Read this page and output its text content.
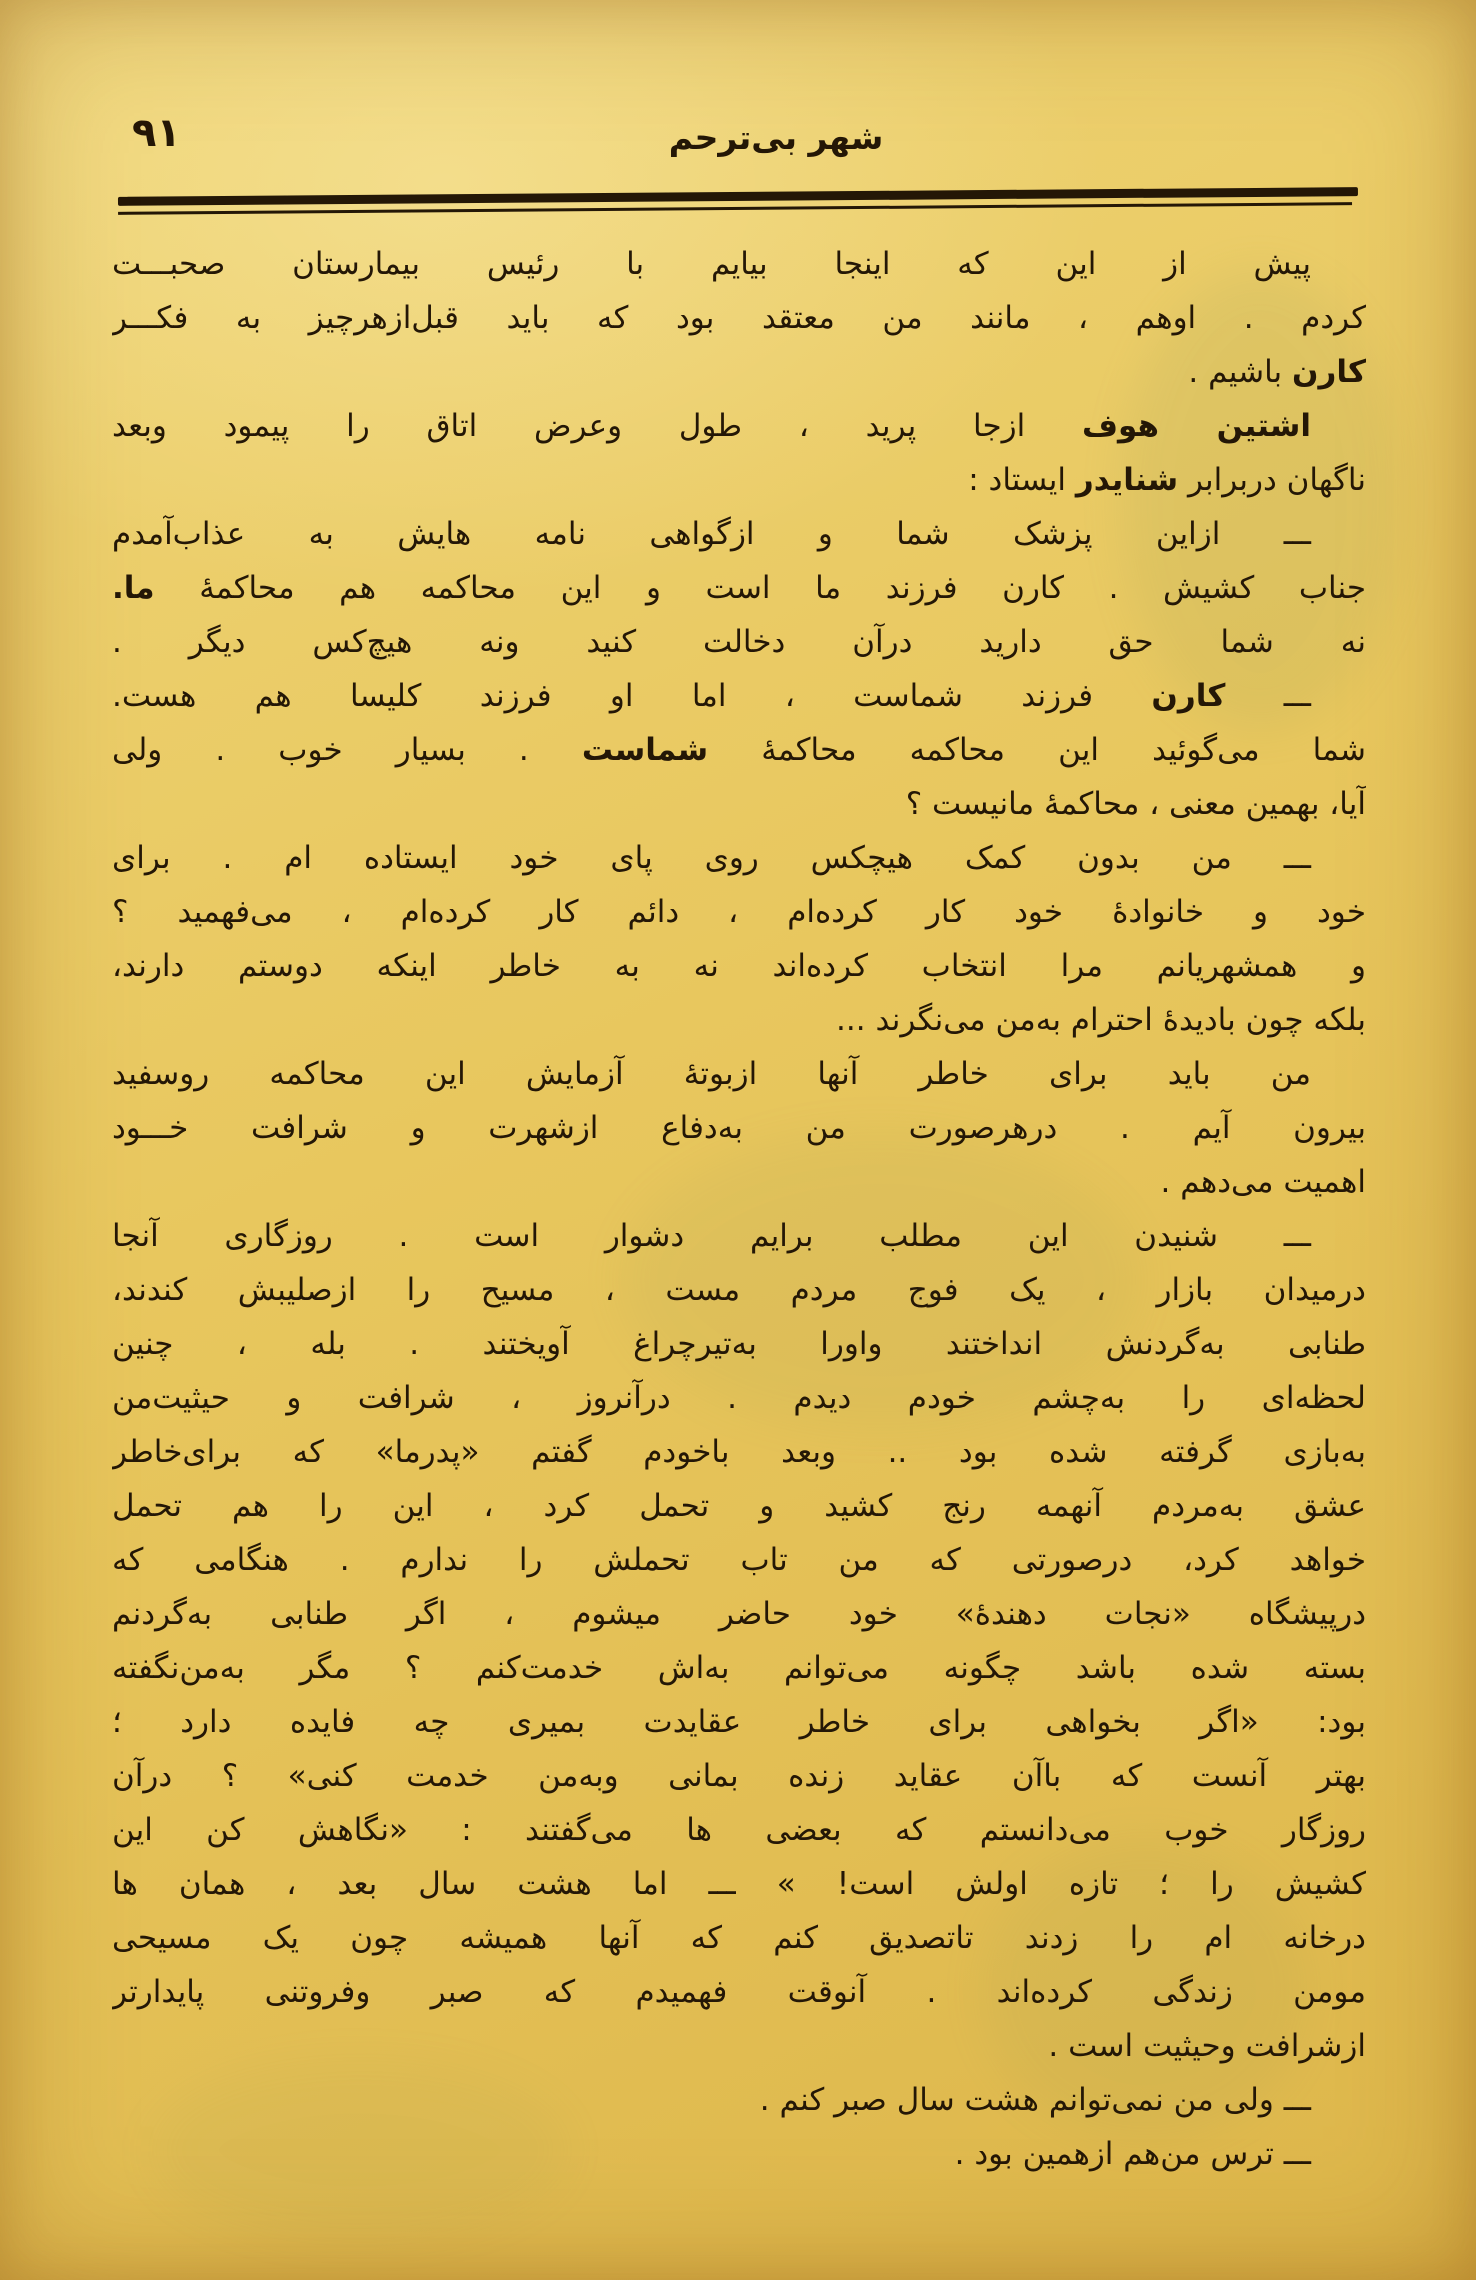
۹۱	شهر بی‌ترحم
پیش از این که اینجا بیایم با رئیس بیمارستان صحبـــت
کردم . اوهم ، مانند من معتقد بود که باید قبل‌ازهرچیز به فکـــر
کارن باشیم .
اشتین هوف ازجا پرید ، طول وعرض اتاق را پیمود وبعد
ناگهان دربرابر شنایدر ایستاد :
ـــ ازاین پزشک شما و ازگواهی نامه هایش به عذاب‌آمدم
جناب کشیش . کارن فرزند ما است و این محاکمه هم محاکمۀ ما.
نه شما حق دارید درآن دخالت کنید ونه هیچ‌کس دیگر .
ـــ کارن فرزند شماست ، اما او فرزند کلیسا هم هست.
شما می‌گوئید این محاکمه محاکمۀ شماست . بسیار خوب . ولی
آیا، بهمین معنی ، محاکمۀ مانیست ؟
ـــ من بدون کمک هیچکس روی پای خود ایستاده ام . برای
خود و خانوادۀ خود کار کرده‌ام ، دائم کار کرده‌ام ، می‌فهمید ؟
و همشهریانم مرا انتخاب کرده‌اند نه به خاطر اینکه دوستم دارند،
بلکه چون بادیدۀ احترام به‌من می‌نگرند ...
من باید برای خاطر آنها ازبوتۀ آزمایش این محاکمه روسفید
بیرون آیم . درهرصورت من به‌دفاع ازشهرت و شرافت خـــود
اهمیت می‌دهم .
ـــ شنیدن این مطلب برایم دشوار است . روزگاری آنجا
درمیدان بازار ، یک فوج مردم مست ، مسیح را ازصلیبش کندند،
طنابی به‌گردنش انداختند واورا به‌تیرچراغ آویختند . بله ، چنین
لحظه‌ای را به‌چشم خودم دیدم . درآنروز ، شرافت و حیثیت‌من
به‌بازی گرفته شده بود .. وبعد باخودم گفتم «پدرما» که برای‌خاطر
عشق به‌مردم آنهمه رنج کشید و تحمل کرد ، این را هم تحمل
خواهد کرد، درصورتی که من تاب تحملش را ندارم . هنگامی که
درپیشگاه «نجات دهندۀ» خود حاضر میشوم ، اگر طنابی به‌گردنم
بسته شده باشد چگونه می‌توانم به‌اش خدمت‌کنم ؟ مگر به‌من‌نگفته
بود: «اگر بخواهی برای خاطر عقایدت بمیری چه فایده دارد ؛
بهتر آنست که باآن عقاید زنده بمانی وبه‌من خدمت کنی» ؟ درآن
روزگار خوب می‌دانستم که بعضی ها می‌گفتند : «نگاهش کن این
کشیش را ؛ تازه اولش است! » ـــ اما هشت سال بعد ، همان ها
درخانه ام را زدند تاتصدیق کنم که آنها همیشه چون یک مسیحی
مومن زندگی کرده‌اند . آنوقت فهمیدم که صبر وفروتنی پایدارتر
ازشرافت وحیثیت است .
ـــ ولی من نمی‌توانم هشت سال صبر کنم .
ـــ ترس من‌هم ازهمین بود .
